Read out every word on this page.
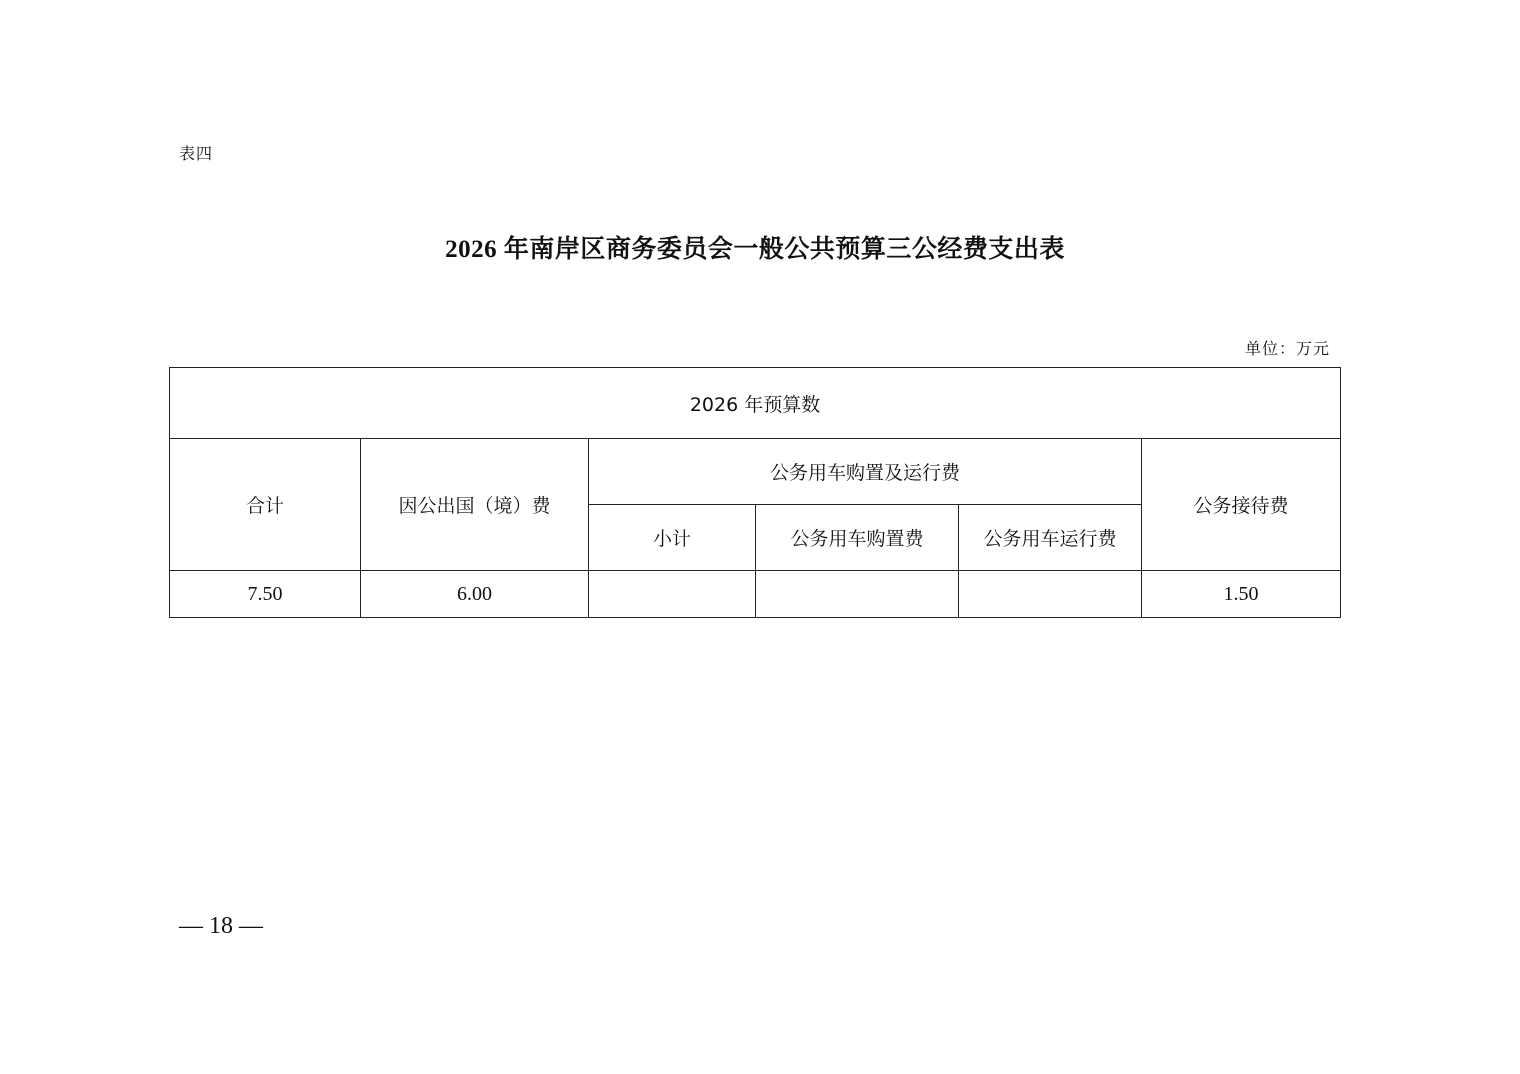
表四
2026 年南岸区商务委员会一般公共预算三公经费支出表
单位：万元
2026 年预算数					
合计	因公出国（境）费	公务用车购置及运行费			公务接待费
		小计	公务用车购置费	公务用车运行费	
7.50	6.00				1.50
— 18 —
